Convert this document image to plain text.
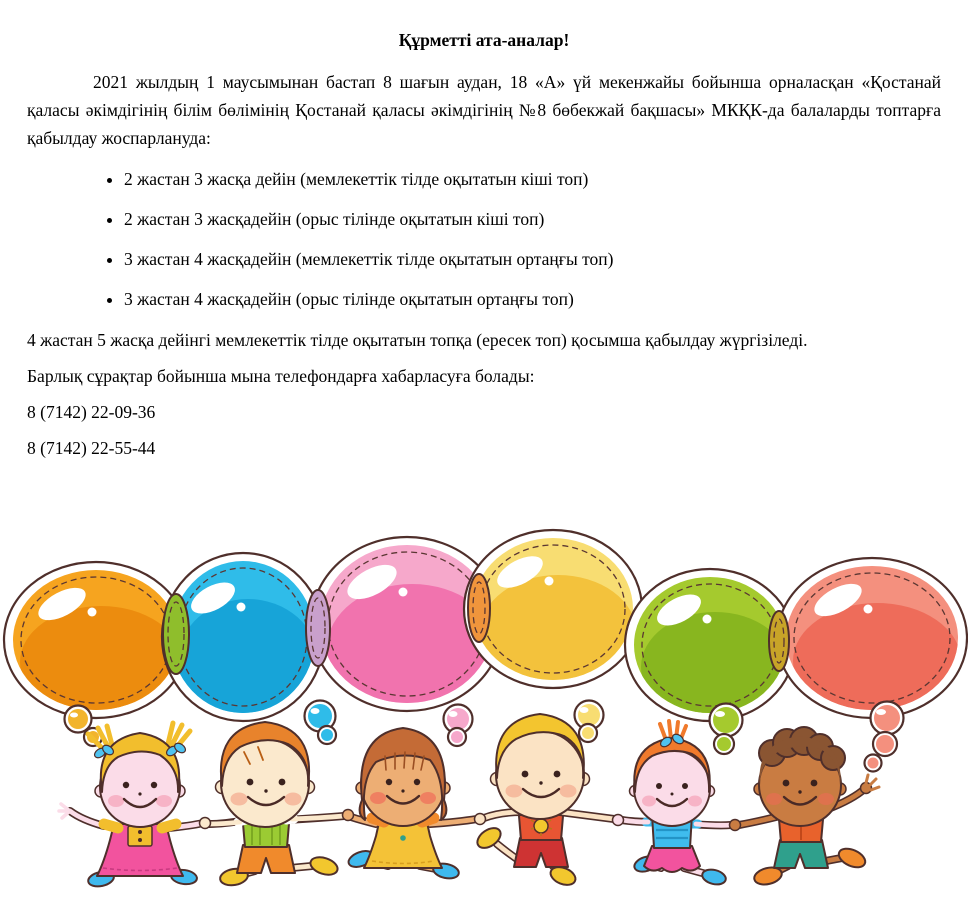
Құрметті ата-аналар!

2021 жылдың 1 маусымынан бастап 8 шағын аудан, 18 «А» үй мекенжайы бойынша орналасқан «Қостанай қаласы әкімдігінің білім бөлімінің Қостанай қаласы әкімдігінің №8 бөбекжай бақшасы» МКҚК-да балаларды топтарға қабылдау жоспарлануда:

• 2 жастан 3 жасқа дейін (мемлекеттік тілде оқытатын кіші топ)
• 2 жастан 3 жасқадейін (орыс тілінде оқытатын кіші топ)
• 3 жастан 4 жасқадейін (мемлекеттік тілде оқытатын ортаңғы топ)
• 3 жастан 4 жасқадейін (орыс тілінде оқытатын ортаңғы топ)

4 жастан 5 жасқа дейінгі мемлекеттік тілде оқытатын топқа (ересек топ) қосымша қабылдау жүргізіледі.

Барлық сұрақтар бойынша мына телефондарға хабарласуға болады:

8 (7142) 22-09-36

8 (7142) 22-55-44
